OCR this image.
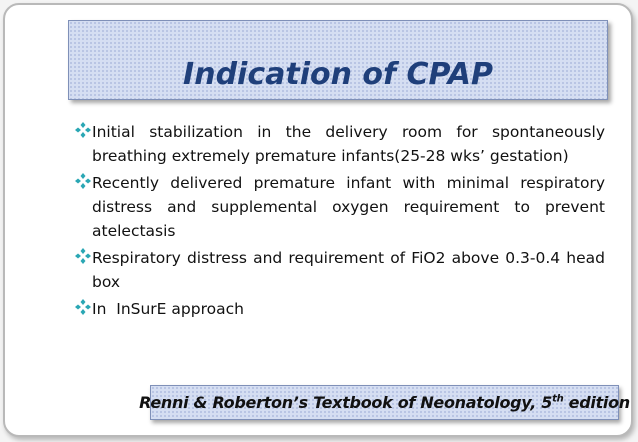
Indication of CPAP
Initial stabilization in the delivery room for spontaneously breathing extremely premature infants(25-28 wks’ gestation)
Recently delivered premature infant with minimal respiratory distress and supplemental oxygen requirement to prevent atelectasis
Respiratory distress and requirement of FiO2 above 0.3-0.4 head box
In  InSurE approach
Renni & Roberton’s Textbook of Neonatology, 5th edition
